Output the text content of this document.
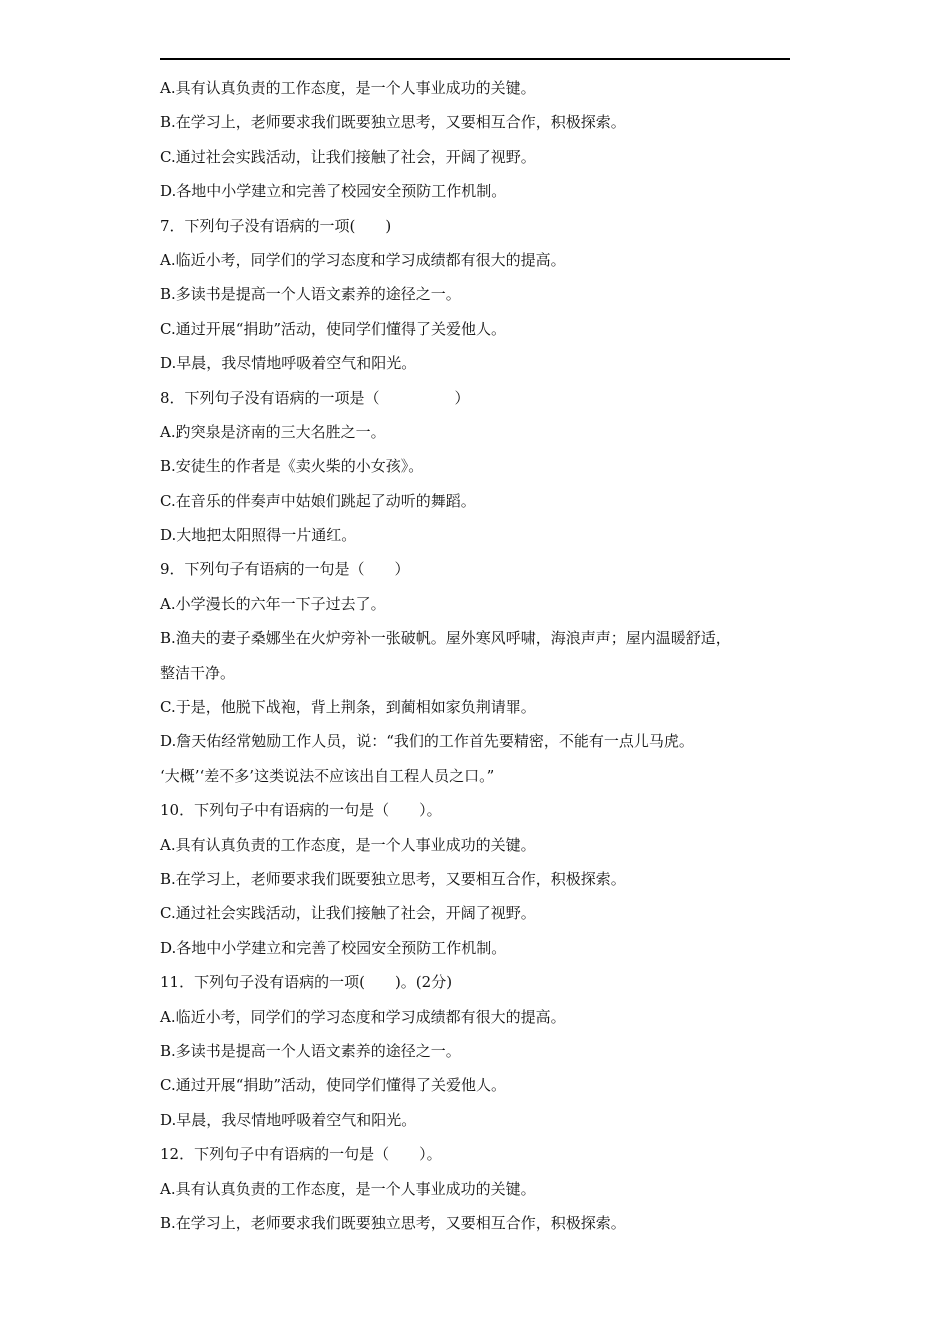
A.具有认真负责的工作态度，是一个人事业成功的关键。

B.在学习上，老师要求我们既要独立思考，又要相互合作，积极探索。

C.通过社会实践活动，让我们接触了社会，开阔了视野。

D.各地中小学建立和完善了校园安全预防工作机制。

7．下列句子没有语病的一项(　　)

A.临近小考，同学们的学习态度和学习成绩都有很大的提高。

B.多读书是提高一个人语文素养的途径之一。

C.通过开展“捐助”活动，使同学们懂得了关爱他人。

D.早晨，我尽情地呼吸着空气和阳光。

8．下列句子没有语病的一项是（　　　　　）

A.趵突泉是济南的三大名胜之一。

B.安徒生的作者是《卖火柴的小女孩》。

C.在音乐的伴奏声中姑娘们跳起了动听的舞蹈。

D.大地把太阳照得一片通红。

9．下列句子有语病的一句是（　　）

A.小学漫长的六年一下子过去了。

B.渔夫的妻子桑娜坐在火炉旁补一张破帆。屋外寒风呼啸，海浪声声；屋内温暖舒适，

整洁干净。

C.于是，他脱下战袍，背上荆条，到蔺相如家负荆请罪。

D.詹天佑经常勉励工作人员，说：“我们的工作首先要精密，不能有一点儿马虎。

‘大概’‘差不多’这类说法不应该出自工程人员之口。”

10．下列句子中有语病的一句是（　　）。

A.具有认真负责的工作态度，是一个人事业成功的关键。

B.在学习上，老师要求我们既要独立思考，又要相互合作，积极探索。

C.通过社会实践活动，让我们接触了社会，开阔了视野。

D.各地中小学建立和完善了校园安全预防工作机制。

11．下列句子没有语病的一项(　　)。(2分)

A.临近小考，同学们的学习态度和学习成绩都有很大的提高。

B.多读书是提高一个人语文素养的途径之一。

C.通过开展“捐助”活动，使同学们懂得了关爱他人。

D.早晨，我尽情地呼吸着空气和阳光。

12．下列句子中有语病的一句是（　　）。

A.具有认真负责的工作态度，是一个人事业成功的关键。

B.在学习上，老师要求我们既要独立思考，又要相互合作，积极探索。
